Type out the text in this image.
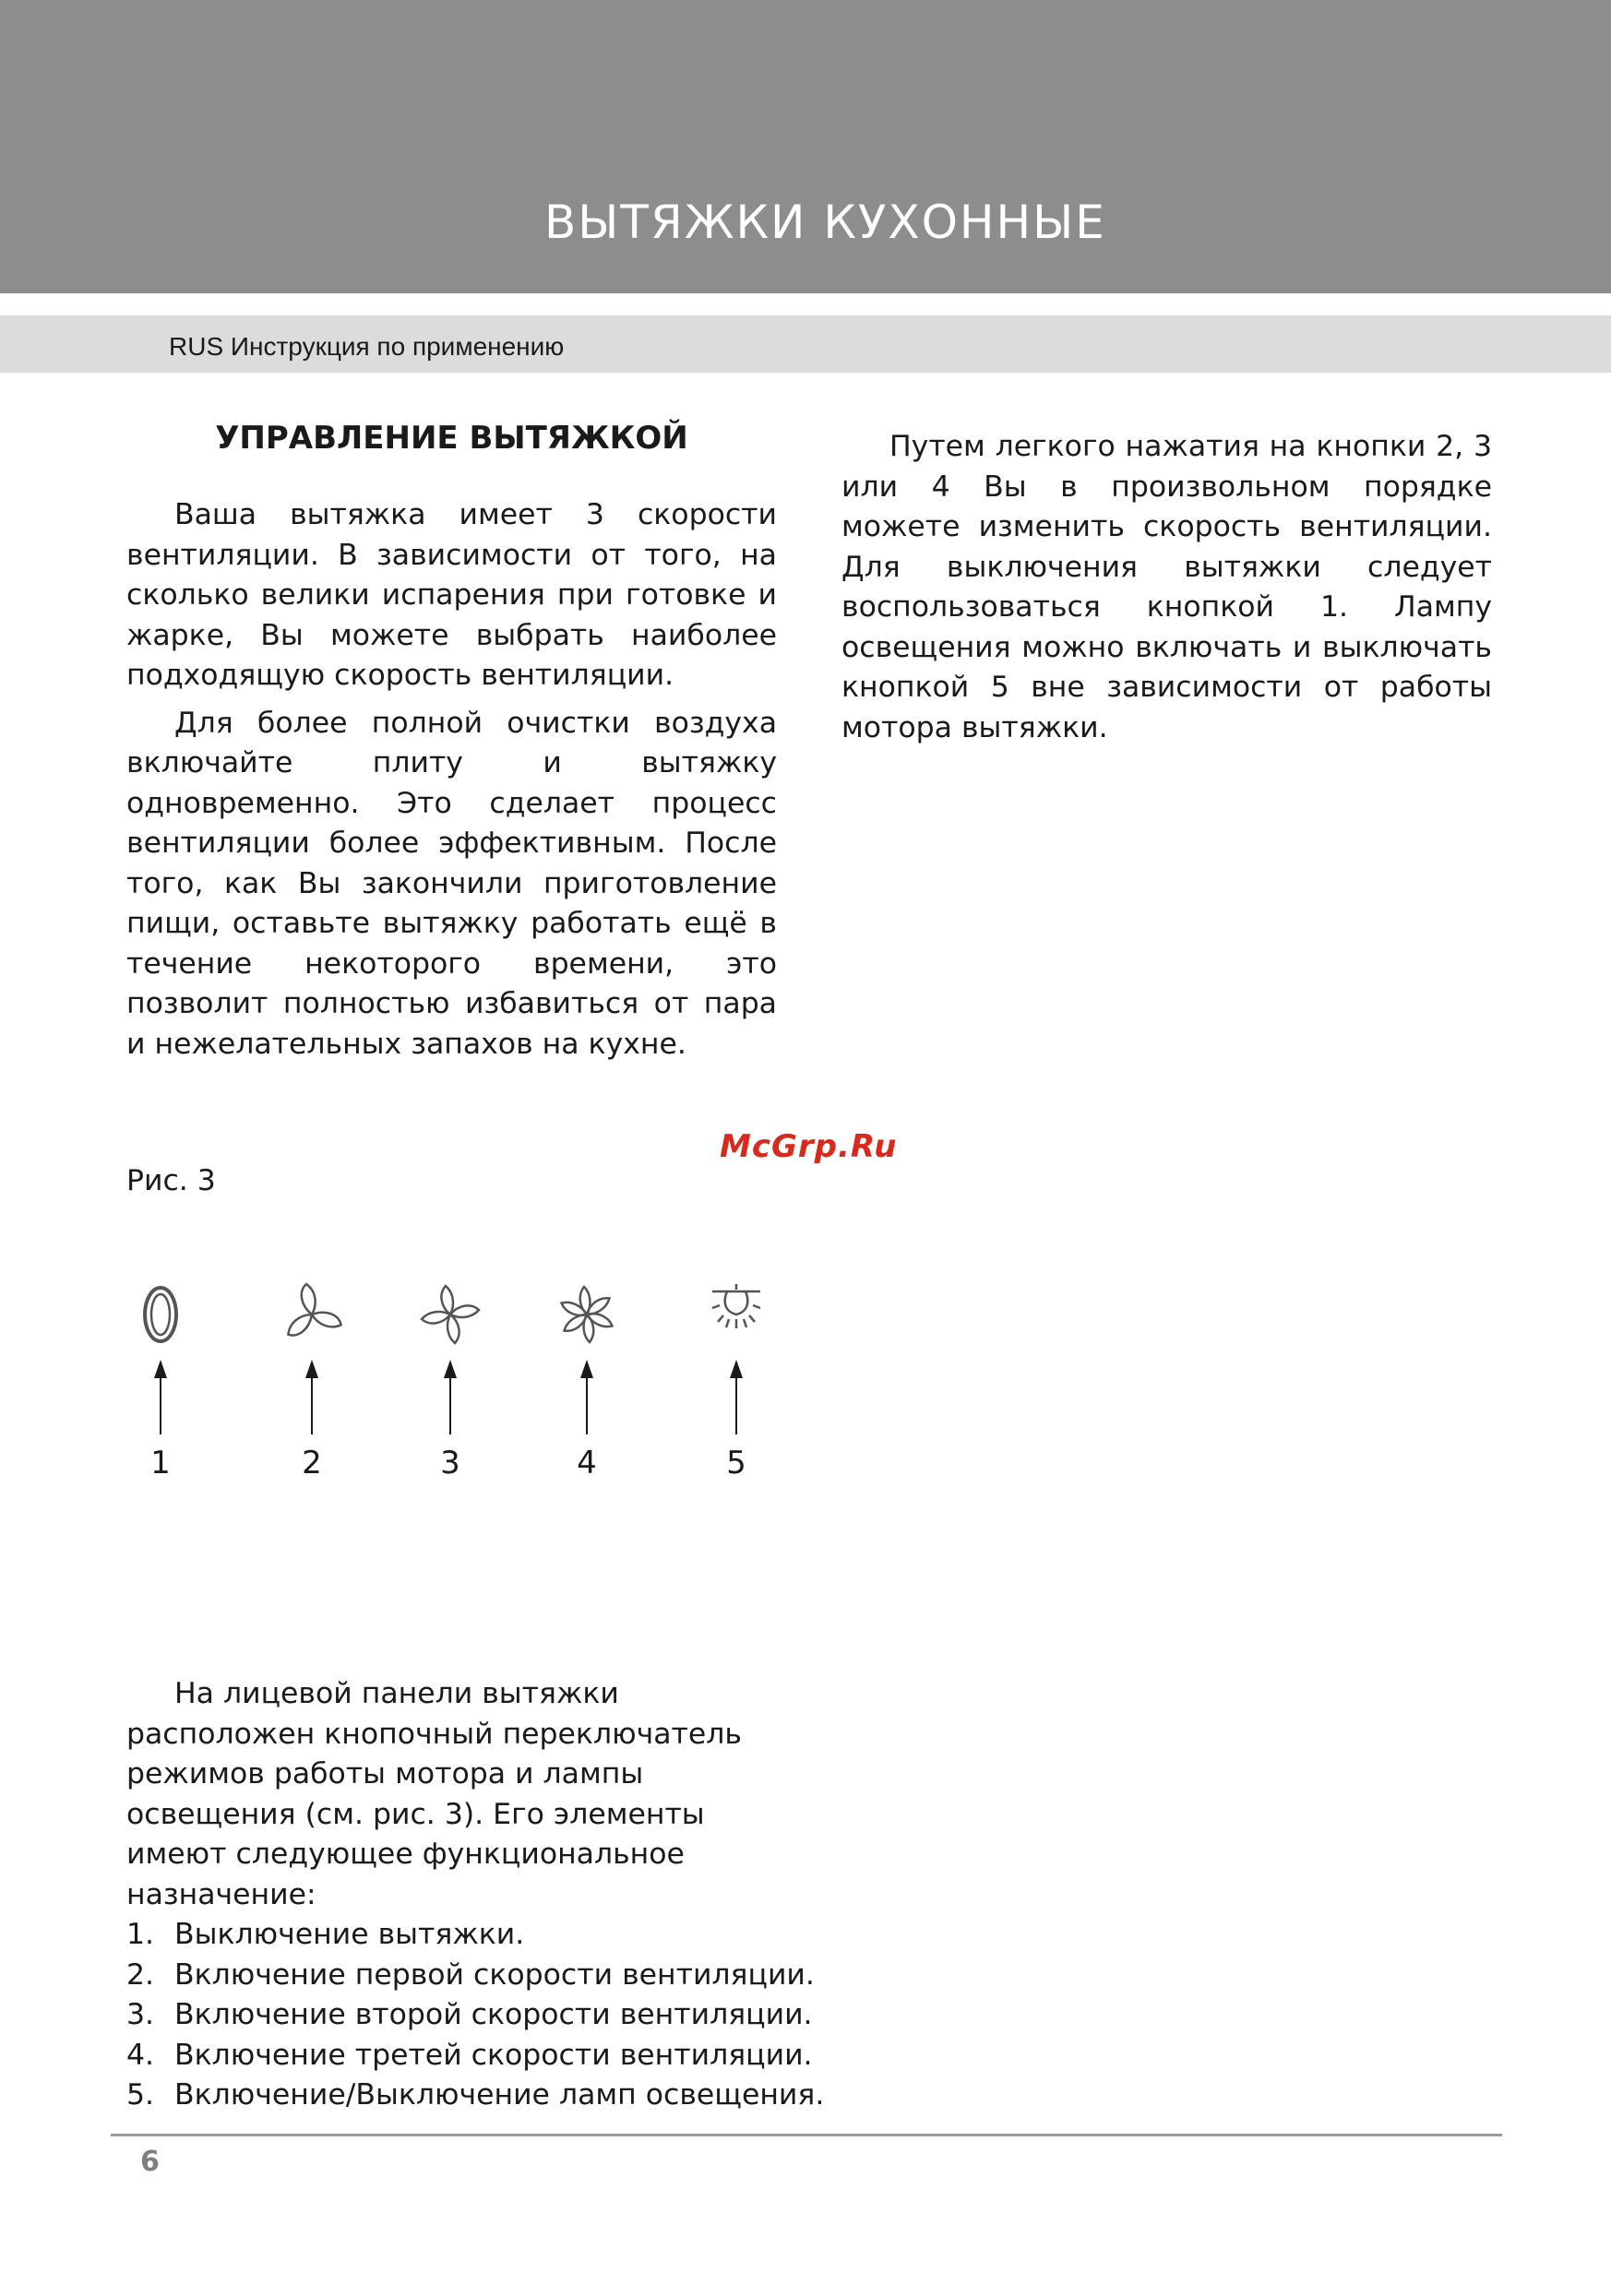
ВЫТЯЖКИ КУХОННЫЕ
RUS Инструкция по применению
УПРАВЛЕНИЕ ВЫТЯЖКОЙ

Ваша вытяжка имеет 3 скорости вентиляции. В зависимости от того, на сколько велики испарения при готовке и жарке, Вы можете выбрать наиболее подходящую скорость вентиляции.

Для более полной очистки воздуха включайте плиту и вытяжку одновременно. Это сделает процесс вентиляции более эффективным. После того, как Вы закончили приготовление пищи, оставьте вытяжку работать ещё в течение некоторого времени, это позволит полностью избавиться от пара и нежелательных запахов на кухне.

Путем легкого нажатия на кнопки 2, 3 или 4 Вы в произвольном порядке можете изменить скорость вентиляции. Для выключения вытяжки следует воспользоваться кнопкой 1. Лампу освещения можно включать и выключать кнопкой 5 вне зависимости от работы мотора вытяжки.

McGrp.Ru
Рис. 3
1	2	3	4	5

На лицевой панели вытяжки расположен кнопочный переключатель режимов работы мотора и лампы освещения (см. рис. 3). Его элементы имеют следующее функциональное назначение:

1. Выключение вытяжки.
2. Включение первой скорости вентиляции.
3. Включение второй скорости вентиляции.
4. Включение третей скорости вентиляции.
5. Включение/Выключение ламп освещения.
6
